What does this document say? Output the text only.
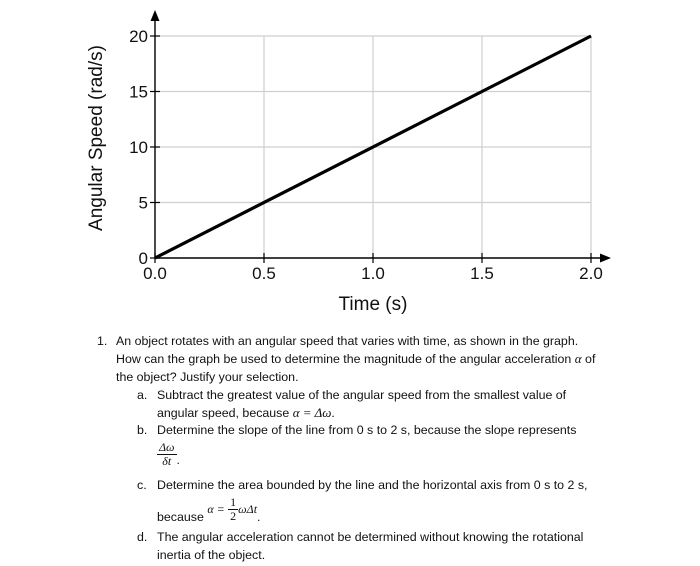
0.0	0.5	1.0	1.5	2.0
0
5
10
15
20
Time (s)
Angular Speed (rad/s)
1. An object rotates with an angular speed that varies with time, as shown in the graph.
How can the graph be used to determine the magnitude of the angular acceleration α of
the object? Justify your selection.
a. Subtract the greatest value of the angular speed from the smallest value of
angular speed, because α = Δω.
b. Determine the slope of the line from 0 s to 2 s, because the slope represents
$\frac{\Delta\omega}{\delta t}$ .
c. Determine the area bounded by the line and the horizontal axis from 0 s to 2 s,
because $\alpha = \frac{1}{2} \omega\Delta t$.
d. The angular acceleration cannot be determined without knowing the rotational
inertia of the object.
